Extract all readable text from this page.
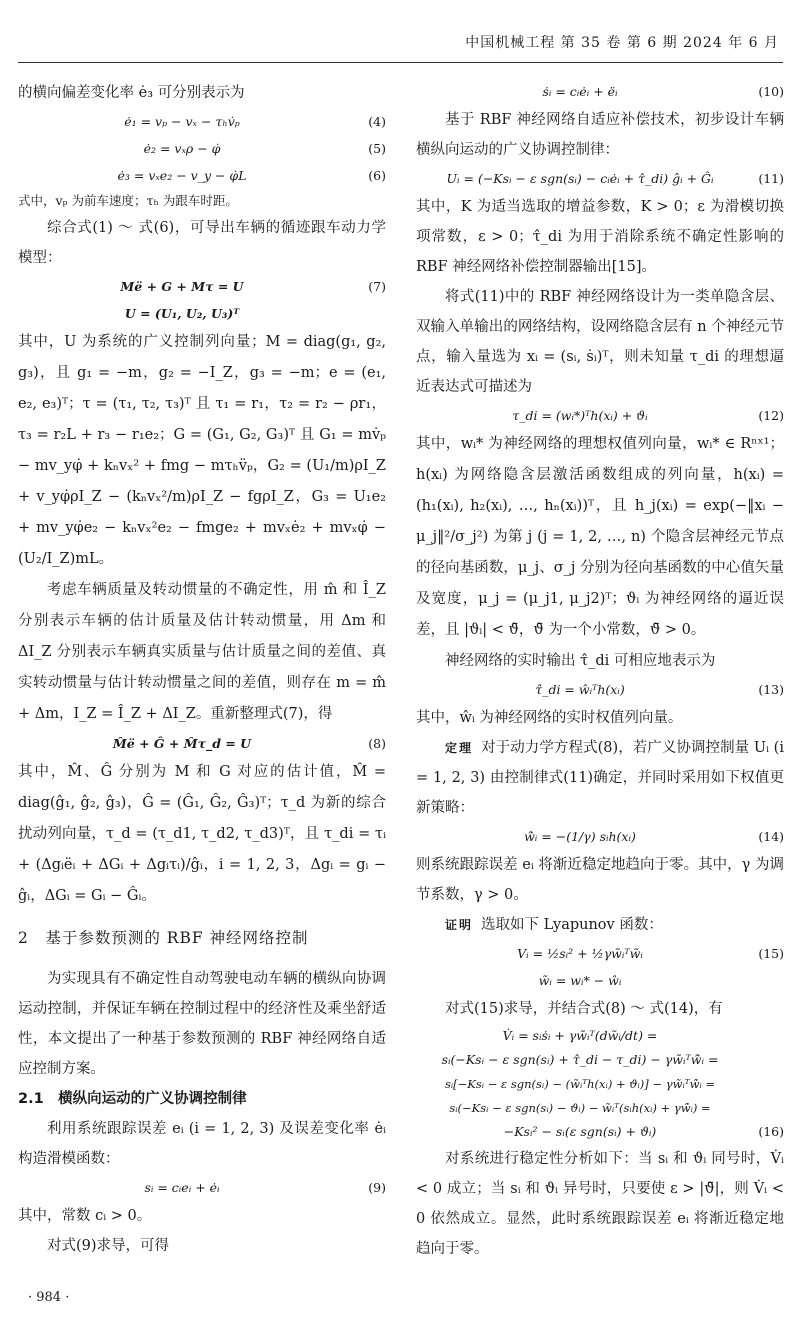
中国机械工程 第 35 卷 第 6 期 2024 年 6 月

的横向偏差变化率 ė₃ 可分别表示为

ė₁ = vₚ − vₓ − τₕv̇ₚ	(4)
ė₂ = vₓρ − φ̇	(5)
ė₃ = vₓe₂ − v_y − φ̇L	(6)

式中，vₚ 为前车速度；τₕ 为跟车时距。

综合式(1) ～ 式(6)，可导出车辆的循迹跟车动力学模型：

Më + G + Mτ = U	(7)
U = (U₁, U₂, U₃)ᵀ

其中，U 为系统的广义控制列向量；M = diag(g₁, g₂, g₃)，且 g₁ = −m，g₂ = −I_Z，g₃ = −m；e = (e₁, e₂, e₃)ᵀ；τ = (τ₁, τ₂, τ₃)ᵀ 且 τ₁ = r₁，τ₂ = r₂ − ρr₁，τ₃ = r₂L + r₃ − r₁e₂；G = (G₁, G₂, G₃)ᵀ 且 G₁ = mv̇ₚ − mv_yφ̇ + kₙvₓ² + fmg − mτₕv̈ₚ，G₂ = (U₁/m)ρI_Z + v_yφ̇ρI_Z − (kₙvₓ²/m)ρI_Z − fgρI_Z，G₃ = U₁e₂ + mv_yφ̇e₂ − kₙvₓ²e₂ − fmge₂ + mvₓė₂ + mvₓφ̇ − (U₂/I_Z)mL。

考虑车辆质量及转动惯量的不确定性，用 m̂ 和 Î_Z 分别表示车辆的估计质量及估计转动惯量，用 Δm 和 ΔI_Z 分别表示车辆真实质量与估计质量之间的差值、真实转动惯量与估计转动惯量之间的差值，则存在 m = m̂ + Δm，I_Z = Î_Z + ΔI_Z。重新整理式(7)，得

M̂ë + Ĝ + M̂τ_d = U	(8)

其中，M̂、Ĝ 分别为 M 和 G 对应的估计值，M̂ = diag(ĝ₁, ĝ₂, ĝ₃)，Ĝ = (Ĝ₁, Ĝ₂, Ĝ₃)ᵀ；τ_d 为新的综合扰动列向量，τ_d = (τ_d1, τ_d2, τ_d3)ᵀ，且 τ_di = τᵢ + (Δgᵢëᵢ + ΔGᵢ + Δgᵢτᵢ)/ĝᵢ，i = 1, 2, 3，Δgᵢ = gᵢ − ĝᵢ，ΔGᵢ = Gᵢ − Ĝᵢ。

2　基于参数预测的 RBF 神经网络控制

为实现具有不确定性自动驾驶电动车辆的横纵向协调运动控制，并保证车辆在控制过程中的经济性及乘坐舒适性，本文提出了一种基于参数预测的 RBF 神经网络自适应控制方案。

2.1　横纵向运动的广义协调控制律

利用系统跟踪误差 eᵢ (i = 1, 2, 3) 及误差变化率 ėᵢ 构造滑模函数：

sᵢ = cᵢeᵢ + ėᵢ	(9)

其中，常数 cᵢ > 0。

对式(9)求导，可得

ṡᵢ = cᵢėᵢ + ëᵢ	(10)

基于 RBF 神经网络自适应补偿技术，初步设计车辆横纵向运动的广义协调控制律：

Uᵢ = (−Ksᵢ − ε sgn(sᵢ) − cᵢėᵢ + τ̂_di) ĝᵢ + Ĝᵢ	(11)

其中，K 为适当选取的增益参数，K > 0；ε 为滑模切换项常数，ε > 0；τ̂_di 为用于消除系统不确定性影响的 RBF 神经网络补偿控制器输出[15]。

将式(11)中的 RBF 神经网络设计为一类单隐含层、双输入单输出的网络结构，设网络隐含层有 n 个神经元节点，输入量选为 xᵢ = (sᵢ, ṡᵢ)ᵀ，则未知量 τ_di 的理想逼近表达式可描述为

τ_di = (wᵢ*)ᵀh(xᵢ) + ϑᵢ	(12)

其中，wᵢ* 为神经网络的理想权值列向量，wᵢ* ∈ Rⁿˣ¹；h(xᵢ) 为网络隐含层激活函数组成的列向量，h(xᵢ) = (h₁(xᵢ), h₂(xᵢ), …, hₙ(xᵢ))ᵀ，且 h_j(xᵢ) = exp(−‖xᵢ − μ_j‖²/σ_j²) 为第 j (j = 1, 2, …, n) 个隐含层神经元节点的径向基函数，μ_j、σ_j 分别为径向基函数的中心值矢量及宽度，μ_j = (μ_j1, μ_j2)ᵀ；ϑᵢ 为神经网络的逼近误差，且 |ϑᵢ| < ϑ̄，ϑ̄ 为一个小常数，ϑ̄ > 0。

神经网络的实时输出 τ̂_di 可相应地表示为

τ̂_di = ŵᵢᵀh(xᵢ)	(13)

其中，ŵᵢ 为神经网络的实时权值列向量。

定理 对于动力学方程式(8)，若广义协调控制量 Uᵢ (i = 1, 2, 3) 由控制律式(11)确定，并同时采用如下权值更新策略：

ŵ̇ᵢ = −(1/γ) sᵢh(xᵢ)	(14)

则系统跟踪误差 eᵢ 将渐近稳定地趋向于零。其中，γ 为调节系数，γ > 0。

证明 选取如下 Lyapunov 函数：

Vᵢ = ½sᵢ² + ½γw̃ᵢᵀw̃ᵢ	(15)
w̃ᵢ = wᵢ* − ŵᵢ

对式(15)求导，并结合式(8) ～ 式(14)，有

V̇ᵢ = sᵢṡᵢ + γw̃ᵢᵀ(dw̃ᵢ/dt) =
sᵢ(−Ksᵢ − ε sgn(sᵢ) + τ̂_di − τ_di) − γw̃ᵢᵀŵ̇ᵢ =
sᵢ[−Ksᵢ − ε sgn(sᵢ) − (w̃ᵢᵀh(xᵢ) + ϑᵢ)] − γw̃ᵢᵀŵ̇ᵢ =
sᵢ(−Ksᵢ − ε sgn(sᵢ) − ϑᵢ) − w̃ᵢᵀ(sᵢh(xᵢ) + γŵ̇ᵢ) =
−Ksᵢ² − sᵢ(ε sgn(sᵢ) + ϑᵢ)	(16)

对系统进行稳定性分析如下：当 sᵢ 和 ϑᵢ 同号时，V̇ᵢ < 0 成立；当 sᵢ 和 ϑᵢ 异号时，只要使 ε > |ϑ̄|，则 V̇ᵢ < 0 依然成立。显然，此时系统跟踪误差 eᵢ 将渐近稳定地趋向于零。

· 984 ·
